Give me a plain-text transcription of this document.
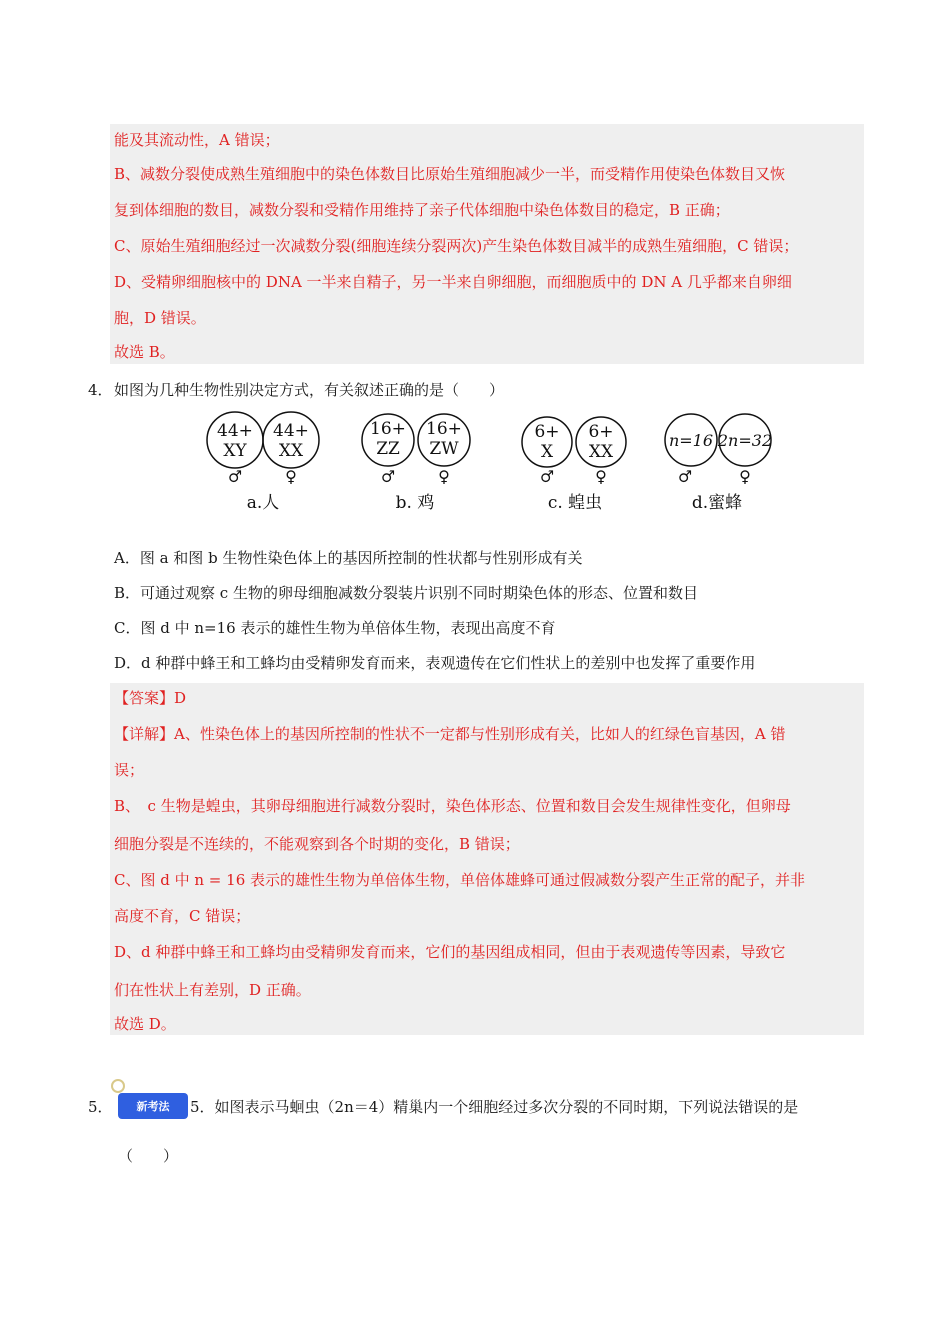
能及其流动性，A 错误；
B、减数分裂使成熟生殖细胞中的染色体数目比原始生殖细胞减少一半，而受精作用使染色体数目又恢
复到体细胞的数目，减数分裂和受精作用维持了亲子代体细胞中染色体数目的稳定，B 正确；
C、原始生殖细胞经过一次减数分裂(细胞连续分裂两次)产生染色体数目减半的成熟生殖细胞，C 错误；
D、受精卵细胞核中的 DNA 一半来自精子，另一半来自卵细胞，而细胞质中的 DN A 几乎都来自卵细
胞，D 错误。
故选 B。
4． 如图为几种生物性别决定方式，有关叙述正确的是（　　）
44+
XY
44+
XX
♂	♀
a.人
16+
ZZ
16+
ZW
♂	♀
b. 鸡
6+
X
6+
XX
♂	♀
c. 蝗虫
n=16 2n=32
♂	♀
d.蜜蜂
A．图 a 和图 b 生物性染色体上的基因所控制的性状都与性别形成有关
B．可通过观察 c 生物的卵母细胞减数分裂装片识别不同时期染色体的形态、位置和数目
C．图 d 中 n=16 表示的雄性生物为单倍体生物，表现出高度不育
D．d 种群中蜂王和工蜂均由受精卵发育而来，表观遗传在它们性状上的差别中也发挥了重要作用
【答案】D
【详解】A、性染色体上的基因所控制的性状不一定都与性别形成有关，比如人的红绿色盲基因，A 错
误；
B、　c 生物是蝗虫，其卵母细胞进行减数分裂时，染色体形态、位置和数目会发生规律性变化，但卵母
细胞分裂是不连续的，不能观察到各个时期的变化，B 错误；
C、图 d 中 n = 16 表示的雄性生物为单倍体生物，单倍体雄蜂可通过假减数分裂产生正常的配子，并非
高度不育，C 错误；
D、d 种群中蜂王和工蜂均由受精卵发育而来，它们的基因组成相同，但由于表观遗传等因素，导致它
们在性状上有差别，D 正确。
故选 D。
5．	新考法	5．如图表示马蛔虫（2n＝4）精巢内一个细胞经过多次分裂的不同时期，下列说法错误的是
（　　）
